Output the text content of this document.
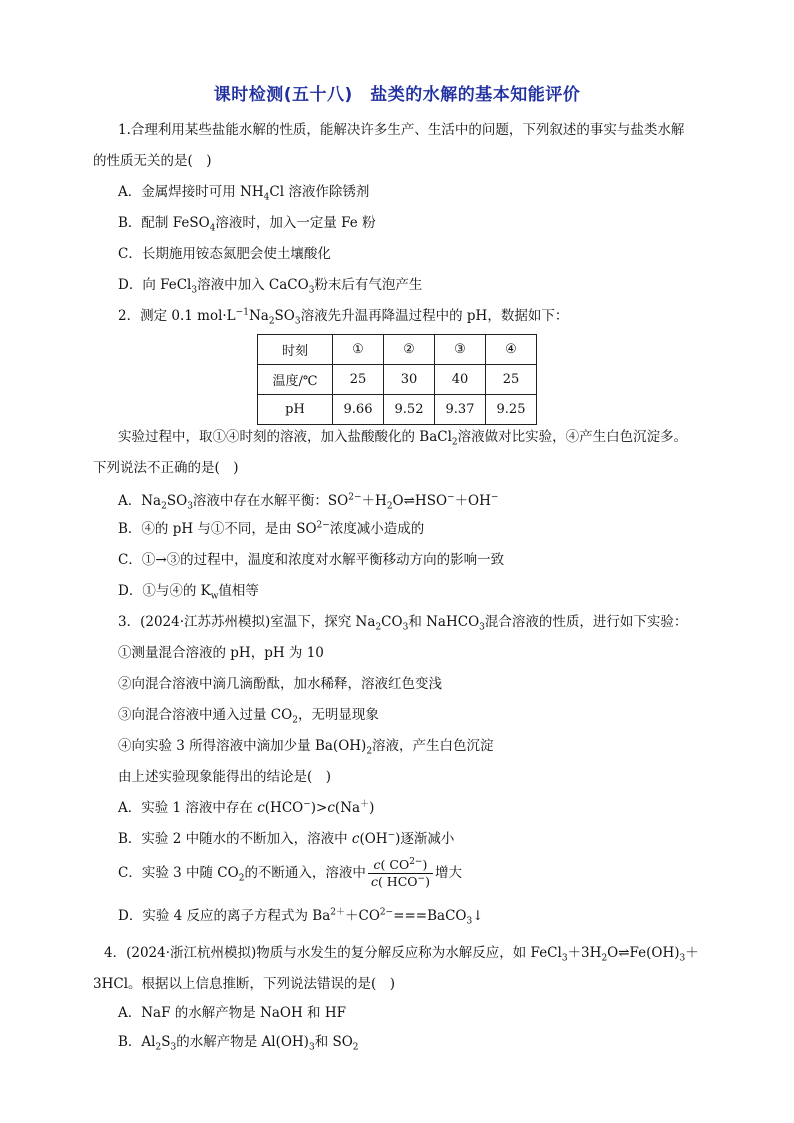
课时检测(五十八)　盐类的水解的基本知能评价
1.合理利用某些盐能水解的性质，能解决许多生产、生活中的问题，下列叙述的事实与盐类水解
的性质无关的是(　)
A．金属焊接时可用 $NH_4Cl$ 溶液作除锈剂
B．配制 FeSO$_4$溶液时，加入一定量 Fe 粉
C．长期施用铵态氮肥会使土壤酸化
D．向 FeCl$_3$溶液中加入 CaCO$_3$粉末后有气泡产生
2．测定 0.1 $mol\cdot L^{-1}Na_2SO_3$溶液先升温再降温过程中的 pH，数据如下：
时刻	①	②	③	④
温度/℃	25	30	40	25
pH	9.66	9.52	9.37	9.25
实验过程中，取①④时刻的溶液，加入盐酸酸化的 BaCl$_2$溶液做对比实验，④产生白色沉淀多。
下列说法不正确的是(　)
A．$Na_2SO_3$溶液中存在水解平衡：$SO^{2-}+H_2O\rightleftharpoons HSO^-+OH^-$
B．④的 pH 与①不同，是由 $SO^{2-}$浓度减小造成的
C．①→③的过程中，温度和浓度对水解平衡移动方向的影响一致
D．①与④的 $K_w$值相等
3．(2024·江苏苏州模拟)室温下，探究 $Na_2CO_3$和 NaHCO$_3$混合溶液的性质，进行如下实验：
①测量混合溶液的 pH，pH 为 10
②向混合溶液中滴几滴酚酞，加水稀释，溶液红色变浅
③向混合溶液中通入过量 $CO_2$，无明显现象
④向实验 3 所得溶液中滴加少量 $Ba(OH)_2$溶液，产生白色沉淀
由上述实验现象能得出的结论是(　)
A．实验 1 溶液中存在 c(HCO−)>c(Na＋)
B．实验 2 中随水的不断加入，溶液中 c(OH−)逐渐减小
C．实验 3 中随 $CO_2$的不断通入，溶液中 $\frac{c( CO^{2-})}{c( HCO^-)}$ 增大
D．实验 4 反应的离子方程式为 $Ba^{2+}+CO^{2-}===BaCO_3↓$
4．(2024·浙江杭州模拟)物质与水发生的复分解反应称为水解反应，如 $FeCl_3+3H_2O\rightleftharpoons Fe(OH)_3+$
3HCl。根据以上信息推断，下列说法错误的是(　)
A．NaF 的水解产物是 NaOH 和 HF
B．$Al_2S_3$的水解产物是 $Al(OH)_3$和 $SO_2$
